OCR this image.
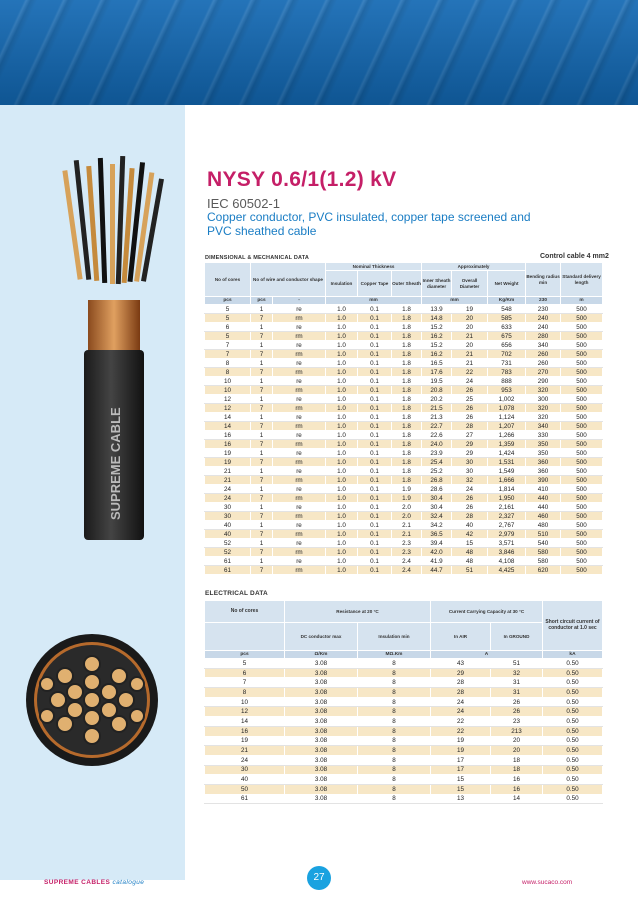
SUPREME CABLE
NYSY 0.6/1(1.2) kV
IEC 60502-1
Copper conductor, PVC insulated, copper tape screened and PVC sheathed cable
DIMENSIONAL & MECHANICAL DATA	Control cable 4 mm2
No of cores	No of wire and conductor shape		Nominal Thickness			Approximately			Bending radius min	Standard delivery length
			Insulation	Copper Tape	Outer Sheath	Inner Sheath diameter	Overall Diameter	Net Weight		
pcs	pcs	-	mm			mm		Kg/Km	230	m
5	1	re	1.0	0.1	1.8	13.9	19	548	230	500
5	7	rm	1.0	0.1	1.8	14.8	20	585	240	500
6	1	re	1.0	0.1	1.8	15.2	20	633	240	500
5	7	rm	1.0	0.1	1.8	16.2	21	675	280	500
7	1	re	1.0	0.1	1.8	15.2	20	656	340	500
7	7	rm	1.0	0.1	1.8	16.2	21	702	260	500
8	1	re	1.0	0.1	1.8	16.5	21	731	260	500
8	7	rm	1.0	0.1	1.8	17.6	22	783	270	500
10	1	re	1.0	0.1	1.8	19.5	24	888	290	500
10	7	rm	1.0	0.1	1.8	20.8	26	953	320	500
12	1	re	1.0	0.1	1.8	20.2	25	1,002	300	500
12	7	rm	1.0	0.1	1.8	21.5	26	1,078	320	500
14	1	re	1.0	0.1	1.8	21.3	26	1,124	320	500
14	7	rm	1.0	0.1	1.8	22.7	28	1,207	340	500
16	1	re	1.0	0.1	1.8	22.6	27	1,266	330	500
16	7	rm	1.0	0.1	1.8	24.0	29	1,359	350	500
19	1	re	1.0	0.1	1.8	23.9	29	1,424	350	500
19	7	rm	1.0	0.1	1.8	25.4	30	1,531	360	500
21	1	re	1.0	0.1	1.8	25.2	30	1,549	360	500
21	7	rm	1.0	0.1	1.8	26.8	32	1,666	390	500
24	1	re	1.0	0.1	1.9	28.6	24	1,814	410	500
24	7	rm	1.0	0.1	1.9	30.4	26	1,950	440	500
30	1	re	1.0	0.1	2.0	30.4	26	2,161	440	500
30	7	rm	1.0	0.1	2.0	32.4	28	2,327	460	500
40	1	re	1.0	0.1	2.1	34.2	40	2,767	480	500
40	7	rm	1.0	0.1	2.1	36.5	42	2,979	510	500
52	1	re	1.0	0.1	2.3	39.4	15	3,571	540	500
52	7	rm	1.0	0.1	2.3	42.0	48	3,846	580	500
61	1	re	1.0	0.1	2.4	41.9	48	4,108	580	500
61	7	rm	1.0	0.1	2.4	44.7	51	4,425	620	500
ELECTRICAL DATA
No of cores	Resistance at 20 °C		Current Carrying Capacity at 30 °C		Short circuit current of conductor at 1.0 sec
	DC conductor max	Insulation min	In AIR	In GROUND	

pcs	Ω/Km	MΩ.Km	A		kA
5	3.08	8	43	51	0.50
6	3.08	8	29	32	0.50
7	3.08	8	28	31	0.50
8	3.08	8	28	31	0.50
10	3.08	8	24	26	0.50
12	3.08	8	24	26	0.50
14	3.08	8	22	23	0.50
16	3.08	8	22	213	0.50
19	3.08	8	19	20	0.50
21	3.08	8	19	20	0.50
24	3.08	8	17	18	0.50
30	3.08	8	17	18	0.50
40	3.08	8	15	16	0.50
50	3.08	8	15	16	0.50
61	3.08	8	13	14	0.50
SUPREME CABLES catalogue	27	www.sucaco.com
